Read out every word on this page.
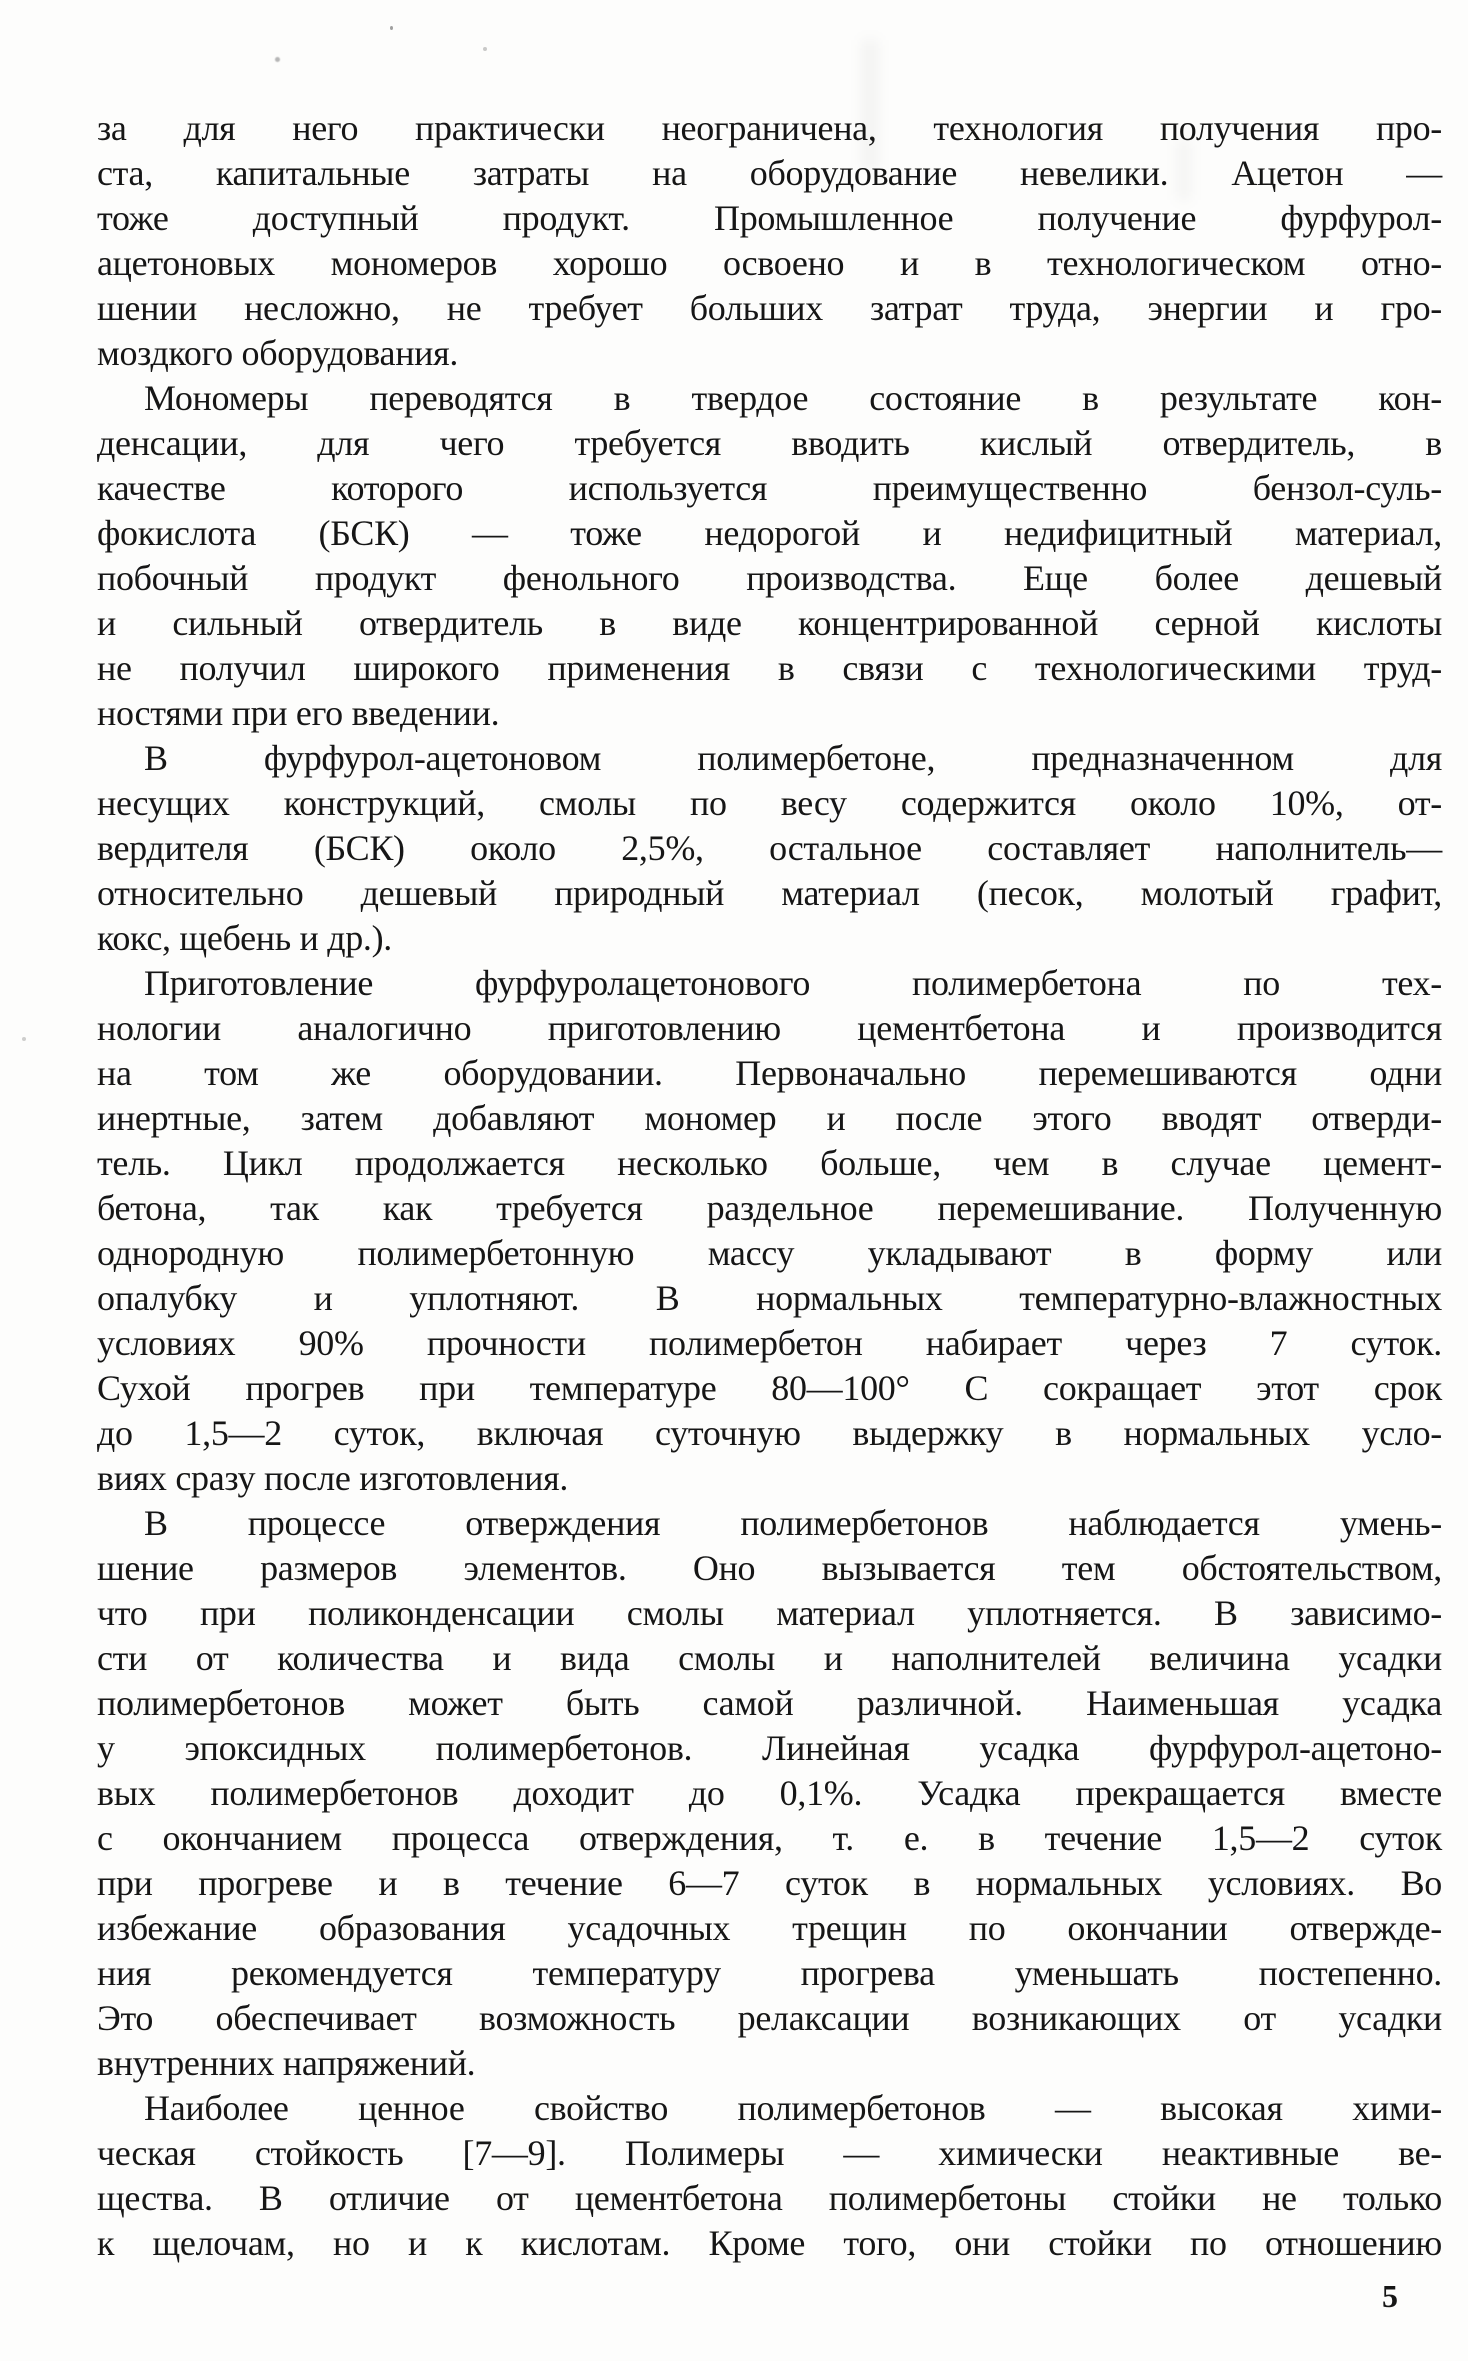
за для него практически неограничена, технология получения про-
ста, капитальные затраты на оборудование невелики. Ацетон —
тоже доступный продукт. Промышленное получение фурфурол-
ацетоновых мономеров хорошо освоено и в технологическом отно-
шении несложно, не требует больших затрат труда, энергии и гро-
моздкого оборудования.
Мономеры переводятся в твердое состояние в результате кон-
денсации, для чего требуется вводить кислый отвердитель, в
качестве которого используется преимущественно бензол-суль-
фокислота (БСК) — тоже недорогой и недифицитный материал,
побочный продукт фенольного производства. Еще более дешевый
и сильный отвердитель в виде концентрированной серной кислоты
не получил широкого применения в связи с технологическими труд-
ностями при его введении.
В фурфурол-ацетоновом полимербетоне, предназначенном для
несущих конструкций, смолы по весу содержится около 10%, от-
вердителя (БСК) около 2,5%, остальное составляет наполнитель—
относительно дешевый природный материал (песок, молотый графит,
кокс, щебень и др.).
Приготовление фурфуролацетонового полимербетона по тех-
нологии аналогично приготовлению цементбетона и производится
на том же оборудовании. Первоначально перемешиваются одни
инертные, затем добавляют мономер и после этого вводят отверди-
тель. Цикл продолжается несколько больше, чем в случае цемент-
бетона, так как требуется раздельное перемешивание. Полученную
однородную полимербетонную массу укладывают в форму или
опалубку и уплотняют. В нормальных температурно-влажностных
условиях 90% прочности полимербетон набирает через 7 суток.
Сухой прогрев при температуре 80—100° С сокращает этот срок
до 1,5—2 суток, включая суточную выдержку в нормальных усло-
виях сразу после изготовления.
В процессе отверждения полимербетонов наблюдается умень-
шение размеров элементов. Оно вызывается тем обстоятельством,
что при поликонденсации смолы материал уплотняется. В зависимо-
сти от количества и вида смолы и наполнителей величина усадки
полимербетонов может быть самой различной. Наименьшая усадка
у эпоксидных полимербетонов. Линейная усадка фурфурол-ацетоно-
вых полимербетонов доходит до 0,1%. Усадка прекращается вместе
с окончанием процесса отверждения, т. е. в течение 1,5—2 суток
при прогреве и в течение 6—7 суток в нормальных условиях. Во
избежание образования усадочных трещин по окончании отвержде-
ния рекомендуется температуру прогрева уменьшать постепенно.
Это обеспечивает возможность релаксации возникающих от усадки
внутренних напряжений.
Наиболее ценное свойство полимербетонов — высокая хими-
ческая стойкость [7—9]. Полимеры — химически неактивные ве-
щества. В отличие от цементбетона полимербетоны стойки не только
к щелочам, но и к кислотам. Кроме того, они стойки по отношению
5
